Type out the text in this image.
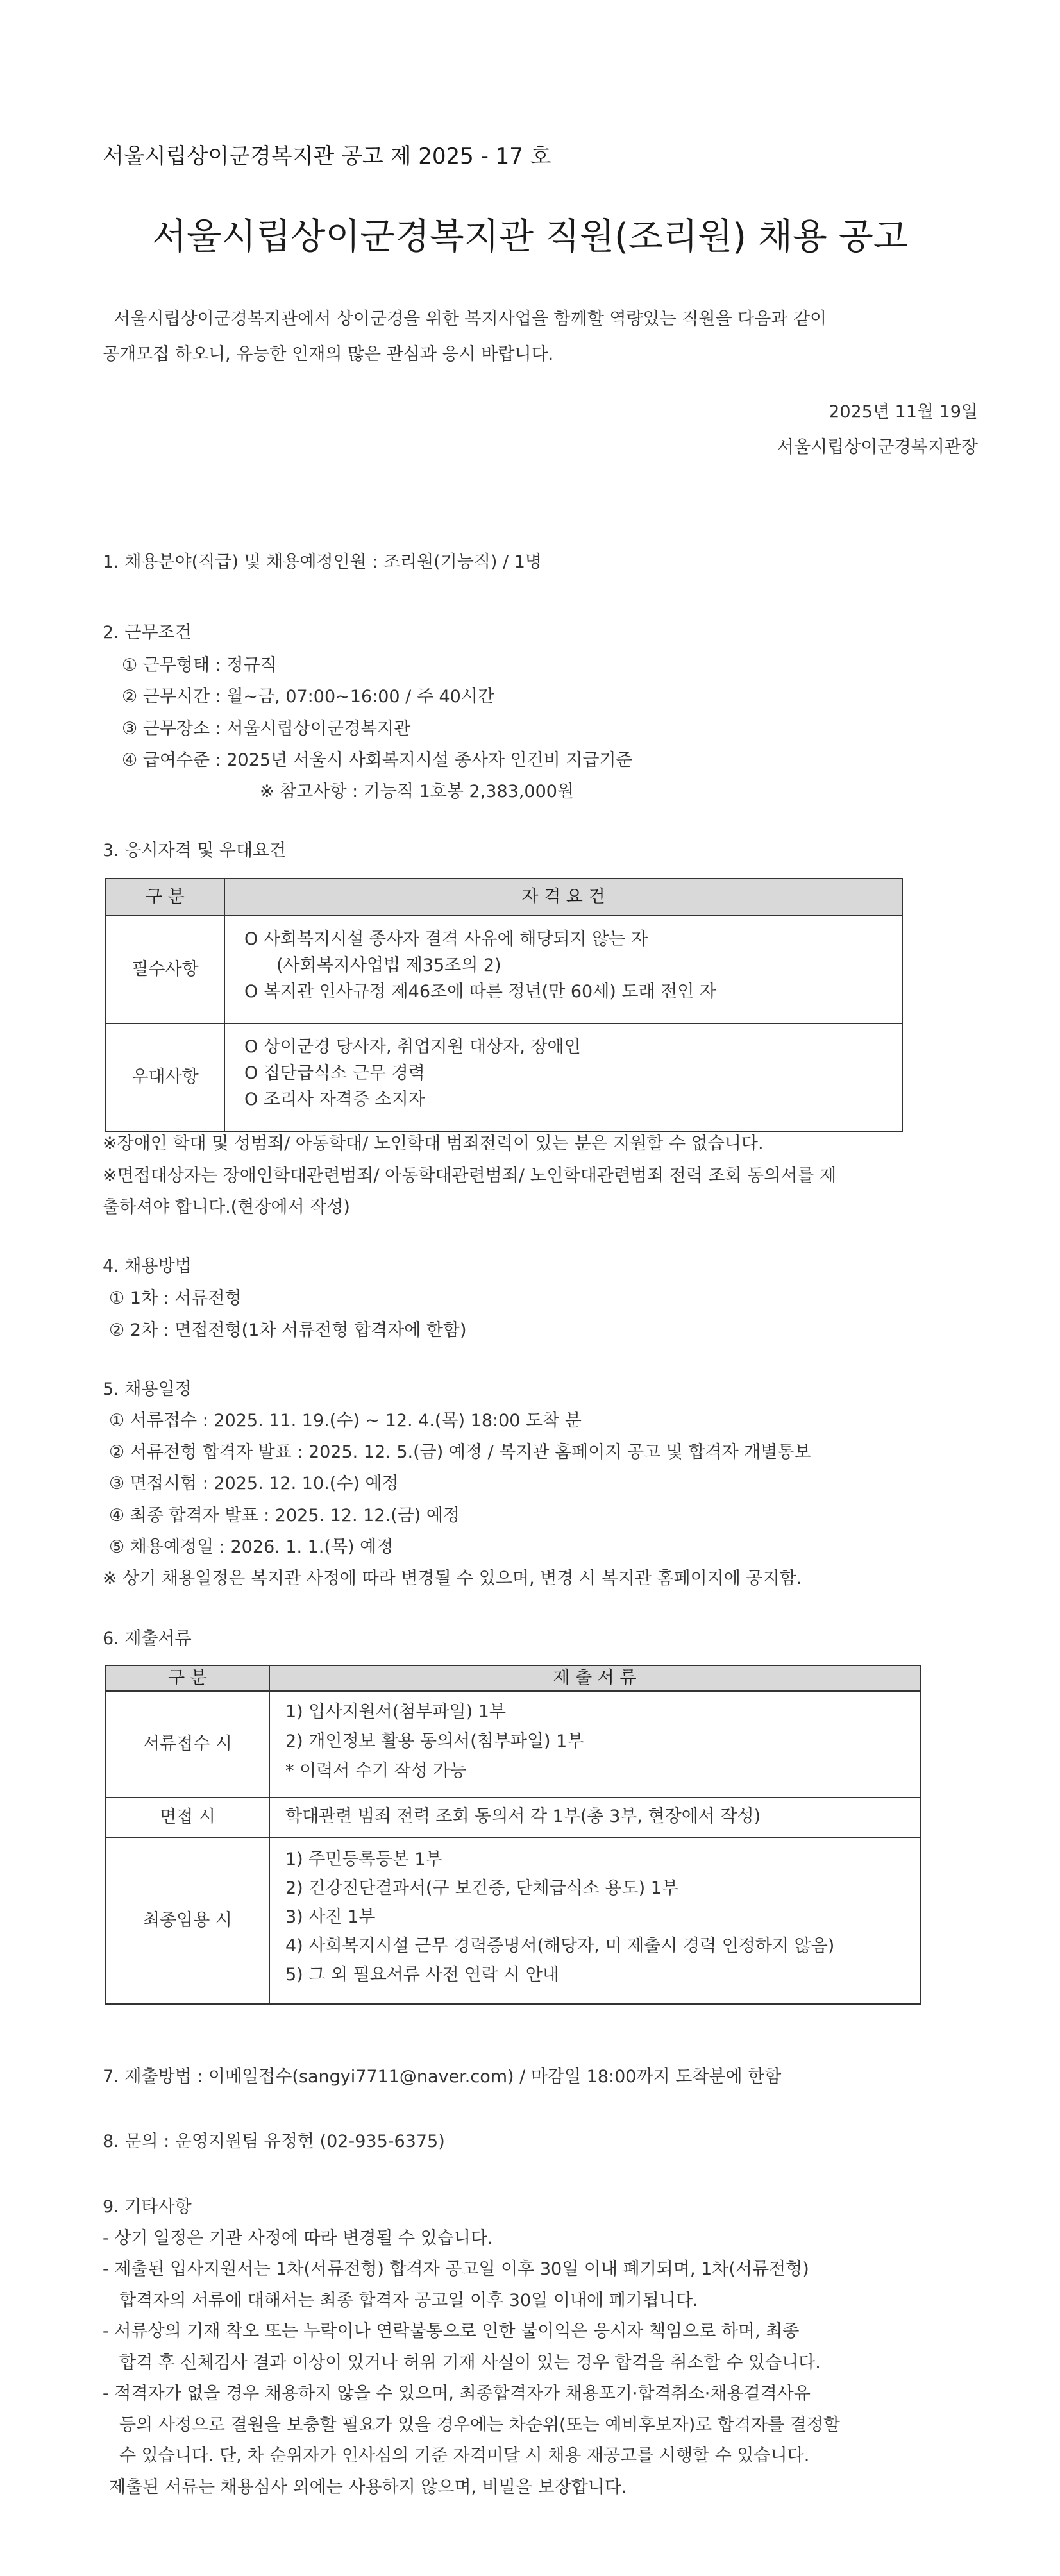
서울시립상이군경복지관 공고 제 2025 - 17 호
서울시립상이군경복지관 직원(조리원) 채용 공고
서울시립상이군경복지관에서 상이군경을 위한 복지사업을 함께할 역량있는 직원을 다음과 같이
공개모집 하오니, 유능한 인재의 많은 관심과 응시 바랍니다.
2025년 11월 19일
서울시립상이군경복지관장
1. 채용분야(직급) 및 채용예정인원 : 조리원(기능직) / 1명
2. 근무조건
① 근무형태 : 정규직
② 근무시간 : 월~금, 07:00~16:00 / 주 40시간
③ 근무장소 : 서울시립상이군경복지관
④ 급여수준 : 2025년 서울시 사회복지시설 종사자 인건비 지급기준
※ 참고사항 : 기능직 1호봉 2,383,000원
3. 응시자격 및 우대요건
구 분	자 격 요 건
필수사항	O 사회복지시설 종사자 결격 사유에 해당되지 않는 자
(사회복지사업법 제35조의 2)
O 복지관 인사규정 제46조에 따른 정년(만 60세) 도래 전인 자

우대사항	O 상이군경 당사자, 취업지원 대상자, 장애인
O 집단급식소 근무 경력
O 조리사 자격증 소지자
※장애인 학대 및 성범죄/ 아동학대/ 노인학대 범죄전력이 있는 분은 지원할 수 없습니다.
※면접대상자는 장애인학대관련범죄/ 아동학대관련범죄/ 노인학대관련범죄 전력 조회 동의서를 제
출하셔야 합니다.(현장에서 작성)
4. 채용방법
① 1차 : 서류전형
② 2차 : 면접전형(1차 서류전형 합격자에 한함)
5. 채용일정
① 서류접수 : 2025. 11. 19.(수) ~ 12. 4.(목) 18:00 도착 분
② 서류전형 합격자 발표 : 2025. 12. 5.(금) 예정 / 복지관 홈페이지 공고 및 합격자 개별통보
③ 면접시험 : 2025. 12. 10.(수) 예정
④ 최종 합격자 발표 : 2025. 12. 12.(금) 예정
⑤ 채용예정일 : 2026. 1. 1.(목) 예정
※ 상기 채용일정은 복지관 사정에 따라 변경될 수 있으며, 변경 시 복지관 홈페이지에 공지함.
6. 제출서류
구 분	제 출 서 류
서류접수 시	1) 입사지원서(첨부파일) 1부
2) 개인정보 활용 동의서(첨부파일) 1부
* 이력서 수기 작성 가능

면접 시	학대관련 범죄 전력 조회 동의서 각 1부(총 3부, 현장에서 작성)

최종임용 시	1) 주민등록등본 1부
2) 건강진단결과서(구 보건증, 단체급식소 용도) 1부
3) 사진 1부
4) 사회복지시설 근무 경력증명서(해당자, 미 제출시 경력 인정하지 않음)
5) 그 외 필요서류 사전 연락 시 안내
7. 제출방법 : 이메일접수(sangyi7711@naver.com) / 마감일 18:00까지 도착분에 한함
8. 문의 : 운영지원팀 유정현 (02-935-6375)
9. 기타사항
- 상기 일정은 기관 사정에 따라 변경될 수 있습니다.
- 제출된 입사지원서는 1차(서류전형) 합격자 공고일 이후 30일 이내 폐기되며, 1차(서류전형)
합격자의 서류에 대해서는 최종 합격자 공고일 이후 30일 이내에 폐기됩니다.
- 서류상의 기재 착오 또는 누락이나 연락불통으로 인한 불이익은 응시자 책임으로 하며, 최종
합격 후 신체검사 결과 이상이 있거나 허위 기재 사실이 있는 경우 합격을 취소할 수 있습니다.
- 적격자가 없을 경우 채용하지 않을 수 있으며, 최종합격자가 채용포기·합격취소·채용결격사유
등의 사정으로 결원을 보충할 필요가 있을 경우에는 차순위(또는 예비후보자)로 합격자를 결정할
수 있습니다. 단, 차 순위자가 인사심의 기준 자격미달 시 채용 재공고를 시행할 수 있습니다.
제출된 서류는 채용심사 외에는 사용하지 않으며, 비밀을 보장합니다.
